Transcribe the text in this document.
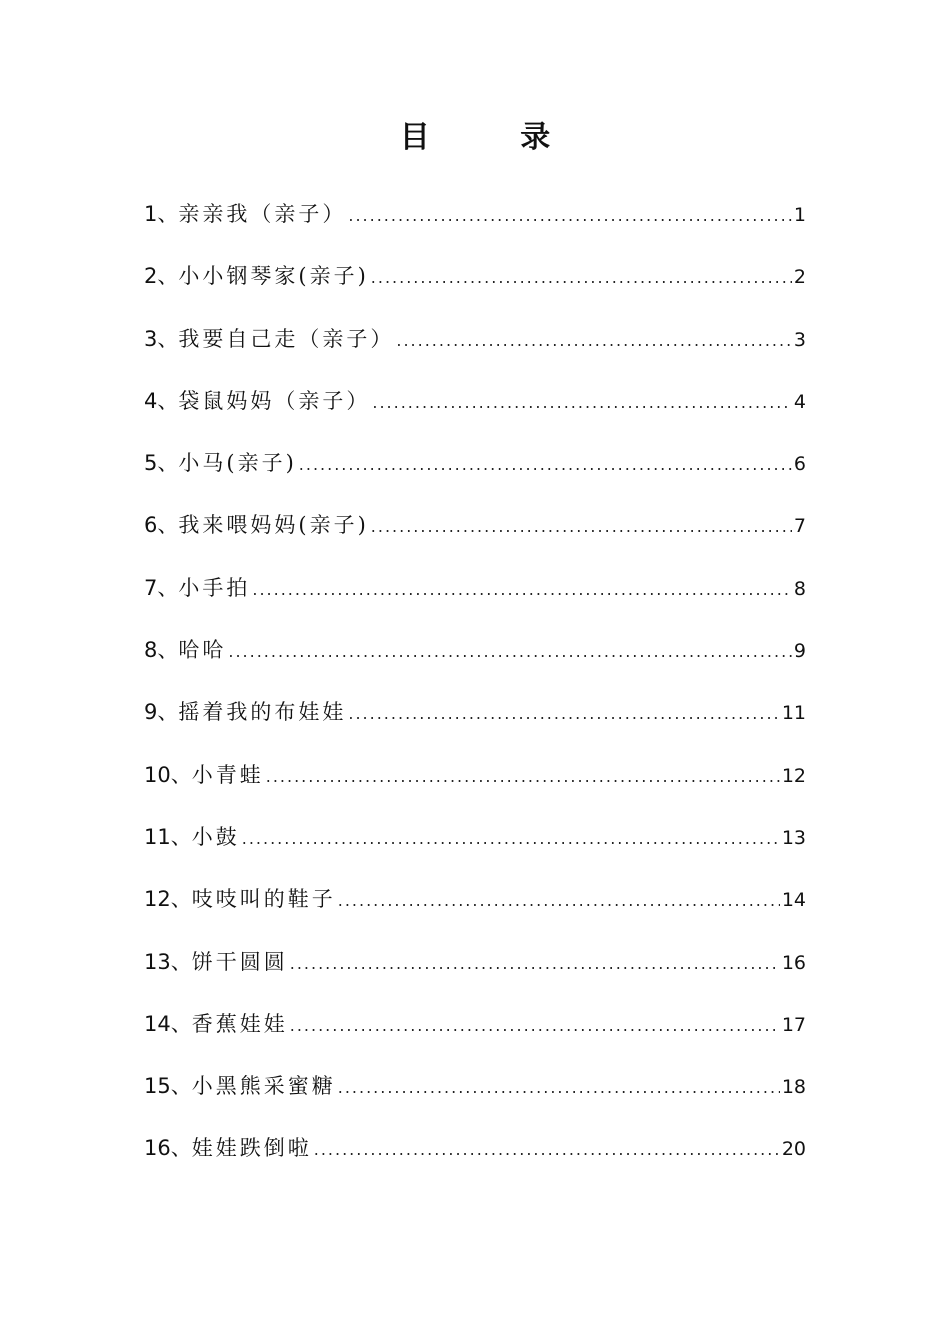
目 录
1、 亲亲我（亲子） .....	1
2、 小小钢琴家(亲子) .....	2
3、 我要自己走（亲子） .....	3
4、 袋鼠妈妈（亲子） .....	4
5、 小马(亲子) .....	6
6、 我来喂妈妈(亲子) .....	7
7、 小手拍 .....	8
8、 哈哈 .....	9
9、 摇着我的布娃娃 .....	11
10、 小青蛙 .....	12
11、 小鼓 .....	13
12、 吱吱叫的鞋子 .....	14
13、 饼干圆圆 .....	16
14、 香蕉娃娃 .....	17
15、 小黑熊采蜜糖 .....	18
16、 娃娃跌倒啦 .....	20
